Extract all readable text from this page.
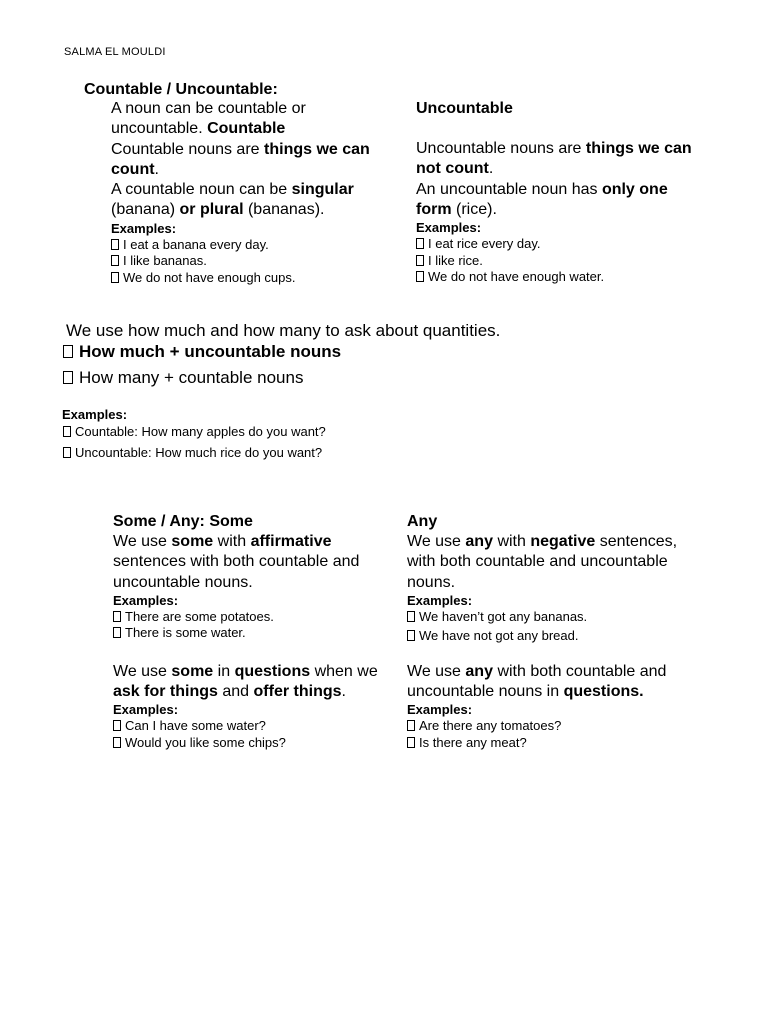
SALMA EL MOULDI
Countable / Uncountable:
A noun can be countable or uncountable. Countable
Countable nouns are things we can count.
A countable noun can be singular (banana) or plural (bananas).
Examples:
I eat a banana every day.
I like bananas.
We do not have enough cups.
Uncountable
Uncountable nouns are things we can not count.
An uncountable noun has only one form (rice).
Examples:
I eat rice every day.
I like rice.
We do not have enough water.
We use how much and how many to ask about quantities.
How much + uncountable nouns
How many + countable nouns
Examples:
Countable: How many apples do you want?
Uncountable: How much rice do you want?
Some / Any: Some
We use some with affirmative sentences with both countable and uncountable nouns.
Examples:
There are some potatoes.
There is some water.
We use some in questions when we ask for things and offer things.
Examples:
Can I have some water?
Would you like some chips?
Any
We use any with negative sentences, with both countable and uncountable nouns.
Examples:
We haven’t got any bananas.
We have not got any bread.
We use any with both countable and uncountable nouns in questions.
Examples:
Are there any tomatoes?
Is there any meat?
